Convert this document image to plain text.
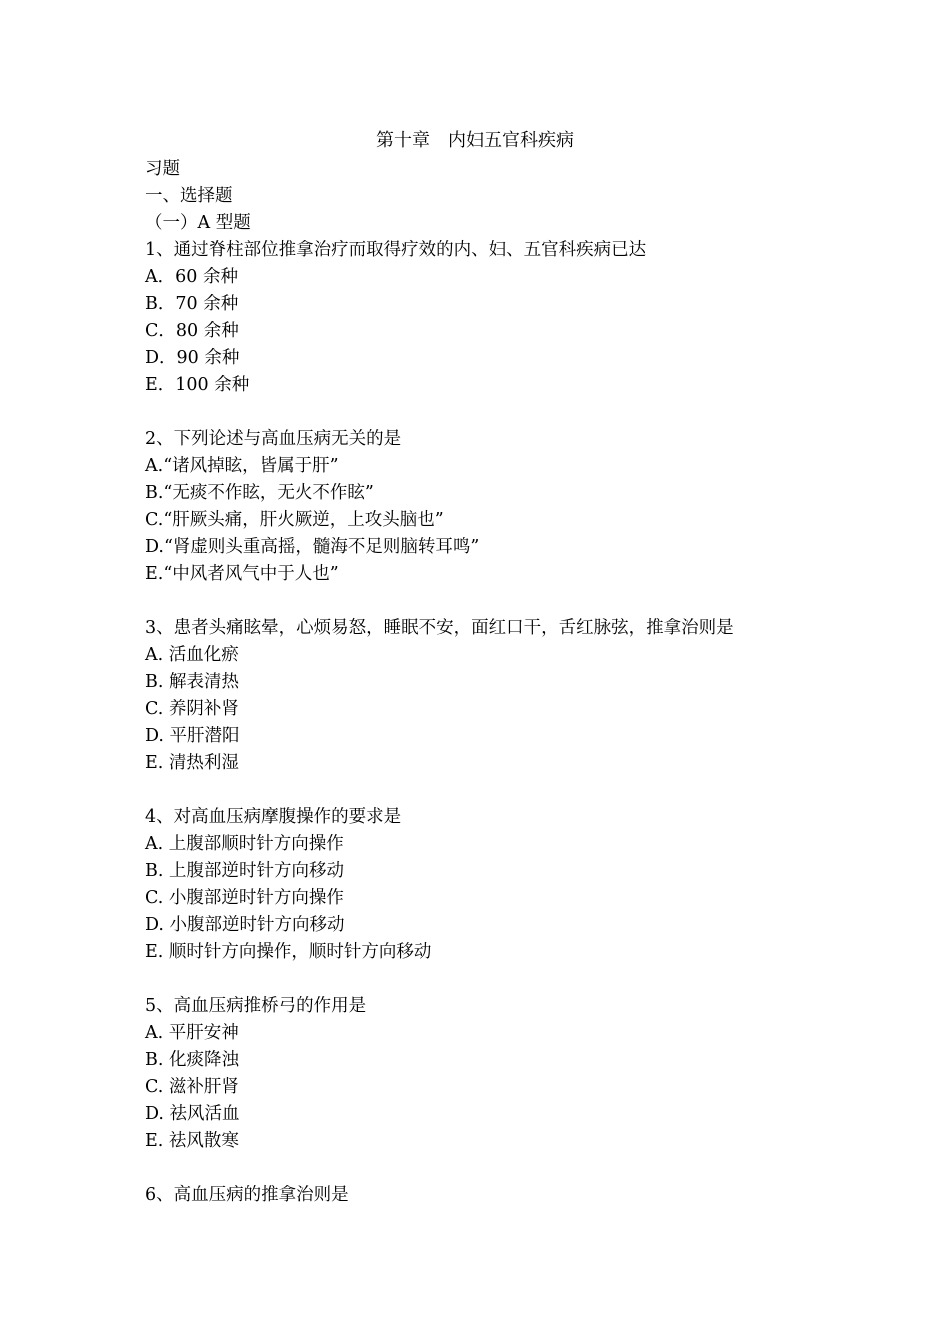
第十章　内妇五官科疾病
习题
一、选择题
（一）A 型题
1、通过脊柱部位推拿治疗而取得疗效的内、妇、五官科疾病已达
A．60 余种
B．70 余种
C．80 余种
D．90 余种
E．100 余种
2、下列论述与高血压病无关的是
A.“诸风掉眩，皆属于肝”
B.“无痰不作眩，无火不作眩”
C.“肝厥头痛，肝火厥逆，上攻头脑也”
D.“肾虚则头重高摇，髓海不足则脑转耳鸣”
E.“中风者风气中于人也”
3、患者头痛眩晕，心烦易怒，睡眠不安，面红口干，舌红脉弦，推拿治则是
A. 活血化瘀
B. 解表清热
C. 养阴补肾
D. 平肝潜阳
E. 清热利湿
4、对高血压病摩腹操作的要求是
A. 上腹部顺时针方向操作
B. 上腹部逆时针方向移动
C. 小腹部逆时针方向操作
D. 小腹部逆时针方向移动
E. 顺时针方向操作，顺时针方向移动
5、高血压病推桥弓的作用是
A. 平肝安神
B. 化痰降浊
C. 滋补肝肾
D. 祛风活血
E. 祛风散寒
6、高血压病的推拿治则是
